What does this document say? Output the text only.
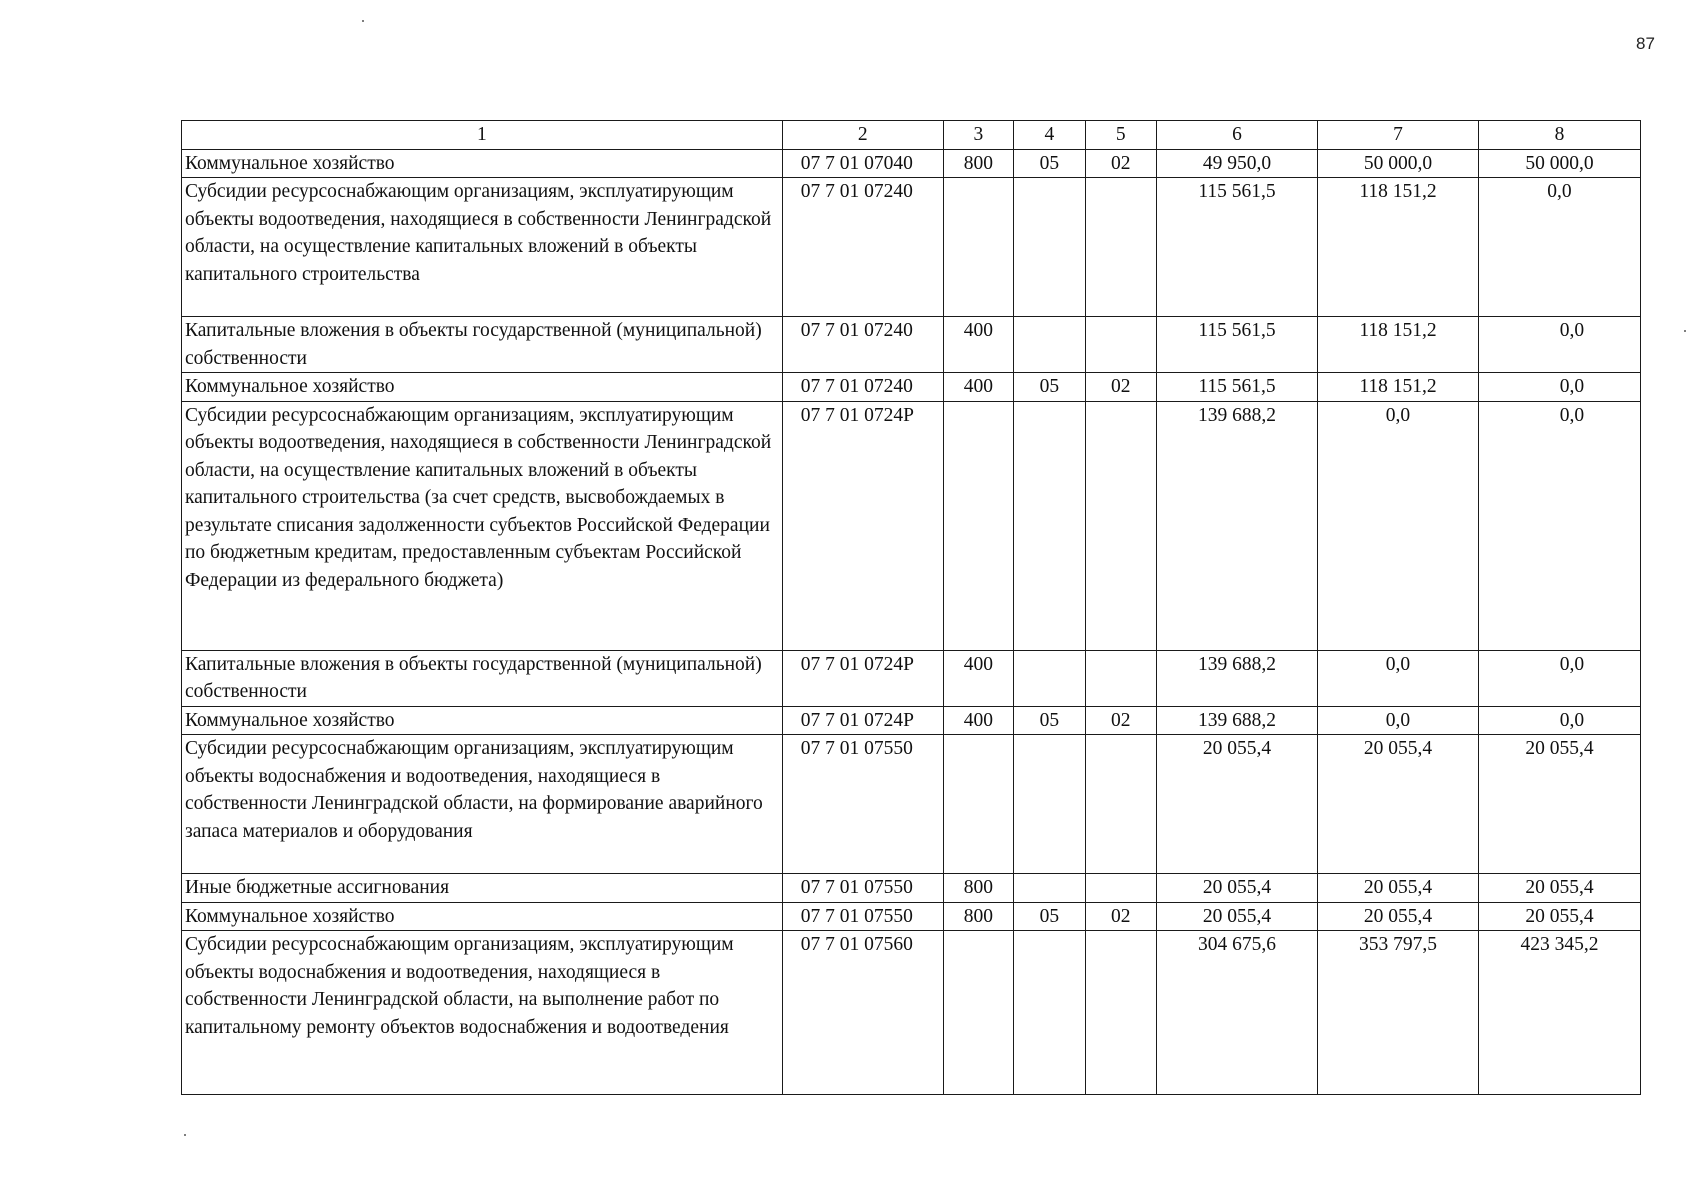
87
1	2	3	4	5	6	7	8
Коммунальное хозяйство	07 7 01 07040	800	05	02	49 950,0	50 000,0	50 000,0
Субсидии ресурсоснабжающим организациям, эксплуатирующим объекты водоотведения, находящиеся в собственности Ленинградской области, на осуществление капитальных вложений в объекты капитального строительства	07 7 01 07240				115 561,5	118 151,2	0,0
Капитальные вложения в объекты государственной (муниципальной) собственности	07 7 01 07240	400			115 561,5	118 151,2	0,0
Коммунальное хозяйство	07 7 01 07240	400	05	02	115 561,5	118 151,2	0,0
Субсидии ресурсоснабжающим организациям, эксплуатирующим объекты водоотведения, находящиеся в собственности Ленинградской области, на осуществление капитальных вложений в объекты капитального строительства (за счет средств, высвобождаемых в результате списания задолженности субъектов Российской Федерации по бюджетным кредитам, предоставленным субъектам Российской Федерации из федерального бюджета)	07 7 01 0724Р				139 688,2	0,0	0,0
Капитальные вложения в объекты государственной (муниципальной) собственности	07 7 01 0724Р	400			139 688,2	0,0	0,0
Коммунальное хозяйство	07 7 01 0724Р	400	05	02	139 688,2	0,0	0,0
Субсидии ресурсоснабжающим организациям, эксплуатирующим объекты водоснабжения и водоотведения, находящиеся в собственности Ленинградской области, на формирование аварийного запаса материалов и оборудования	07 7 01 07550				20 055,4	20 055,4	20 055,4
Иные бюджетные ассигнования	07 7 01 07550	800			20 055,4	20 055,4	20 055,4
Коммунальное хозяйство	07 7 01 07550	800	05	02	20 055,4	20 055,4	20 055,4
Субсидии ресурсоснабжающим организациям, эксплуатирующим объекты водоснабжения и водоотведения, находящиеся в собственности Ленинградской области, на выполнение работ по капитальному ремонту объектов водоснабжения и водоотведения	07 7 01 07560				304 675,6	353 797,5	423 345,2
